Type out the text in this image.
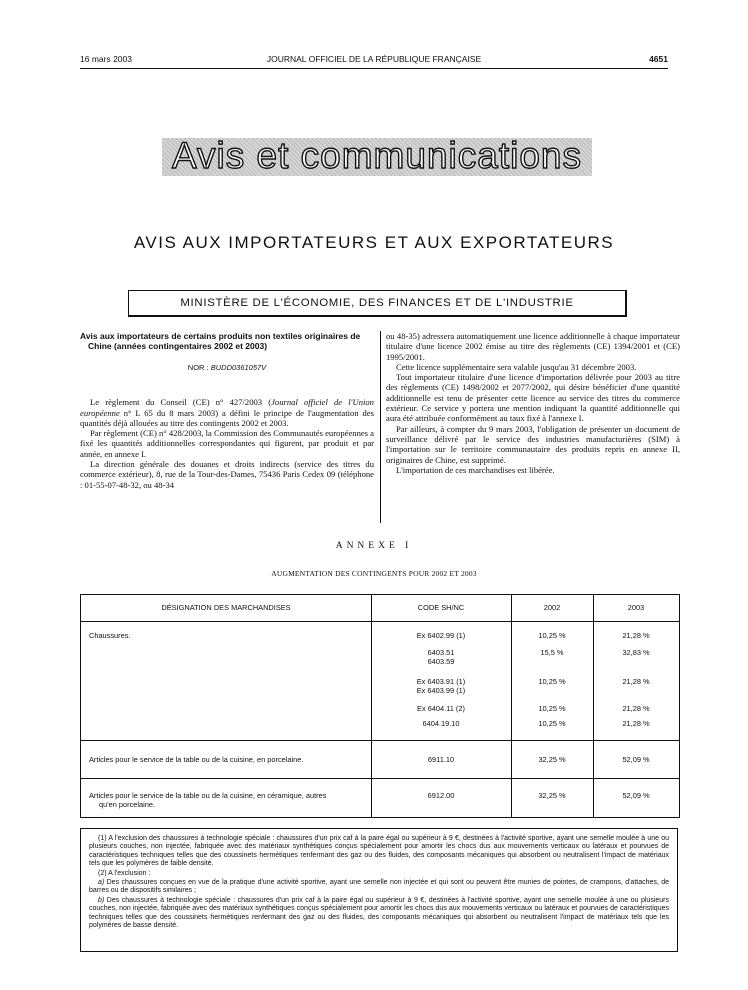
16 mars 2003	JOURNAL OFFICIEL DE LA RÉPUBLIQUE FRANÇAISE	4651
Avis et communications
AVIS AUX IMPORTATEURS ET AUX EXPORTATEURS
MINISTÈRE DE L'ÉCONOMIE, DES FINANCES ET DE L'INDUSTRIE

Avis aux importateurs de certains produits non textiles originaires de Chine (années contingentaires 2002 et 2003)

NOR : BUDD0361057V

Le règlement du Conseil (CE) n° 427/2003 (Journal officiel de l'Union européenne n° L 65 du 8 mars 2003) a défini le principe de l'augmentation des quantités déjà allouées au titre des contingents 2002 et 2003.

Par règlement (CE) n° 428/2003, la Commission des Communautés européennes a fixé les quantités additionnelles correspondantes qui figurent, par produit et par année, en annexe I.

La direction générale des douanes et droits indirects (service des titres du commerce extérieur), 8, rue de la Tour-des-Dames, 75436 Paris Cedex 09 (téléphone : 01-55-07-48-32, ou 48-34

ou 48-35) adressera automatiquement une licence additionnelle à chaque importateur titulaire d'une licence 2002 émise au titre des règlements (CE) 1394/2001 et (CE) 1995/2001.

Cette licence supplémentaire sera valable jusqu'au 31 décembre 2003.

Tout importateur titulaire d'une licence d'importation délivrée pour 2003 au titre des règlements (CE) 1498/2002 et 2077/2002, qui désire bénéficier d'une quantité additionnelle est tenu de présenter cette licence au service des titres du commerce extérieur. Ce service y portera une mention indiquant la quantité additionnelle qui aura été attribuée conformément au taux fixé à l'annexe I.

Par ailleurs, à compter du 9 mars 2003, l'obligation de présenter un document de surveillance délivré par le service des industries manufacturières (SIM) à l'importation sur le territoire communautaire des produits repris en annexe II, originaires de Chine, est supprimé.

L'importation de ces marchandises est libérée.

ANNEXE I
AUGMENTATION DES CONTINGENTS POUR 2002 ET 2003
DÉSIGNATION DES MARCHANDISES	CODE SH/NC	2002	2003
Chaussures.	Ex 6402.99 (1)	10,25 %	21,28 %
6403.51	15,5 %	32,83 %
6403.59
Ex 6403.91 (1)	10,25 %	21,28 %
Ex 6403.99 (1)
Ex 6404.11 (2)	10,25 %	21,28 %
6404.19.10	10,25 %	21,28 %
Articles pour le service de la table ou de la cuisine, en porcelaine.	6911.10	32,25 %	52,09 %
Articles pour le service de la table ou de la cuisine, en céramique, autres
qu'en porcelaine.
6912.00	32,25 %	52,09 %

(1) A l'exclusion des chaussures à technologie spéciale : chaussures d'un prix caf à la paire égal ou supérieur à 9 €, destinées à l'activité sportive, ayant une semelle moulée à une ou plusieurs couches, non injectée, fabriquée avec des matériaux synthétiques conçus spécialement pour amortir les chocs dus aux mouvements verticaux ou latéraux et pourvues de caractéristiques techniques telles que des coussinets hermétiques renfermant des gaz ou des fluides, des composants mécaniques qui absorbent ou neutralisent l'impact de matériaux tels que les polymères de faible densité.

(2) A l'exclusion :

a) Des chaussures conçues en vue de la pratique d'une activité sportive, ayant une semelle non injectée et qui sont ou peuvent être munies de pointes, de crampons, d'attaches, de barres ou de dispositifs similaires ;

b) Des chaussures à technologie spéciale : chaussures d'un prix caf à la paire égal ou supérieur à 9 €, destinées à l'activité sportive, ayant une semelle moulée à une ou plusieurs couches, non injectée, fabriquée avec des matériaux synthétiques conçus spécialement pour amortir les chocs dus aux mouvements verticaux ou latéraux et pourvues de caractéristiques techniques telles que des coussinets hermétiques renfermant des gaz ou des fluides, des composants mécaniques qui absorbent ou neutralisent l'impact de matériaux tels que les polymères de basse densité.
